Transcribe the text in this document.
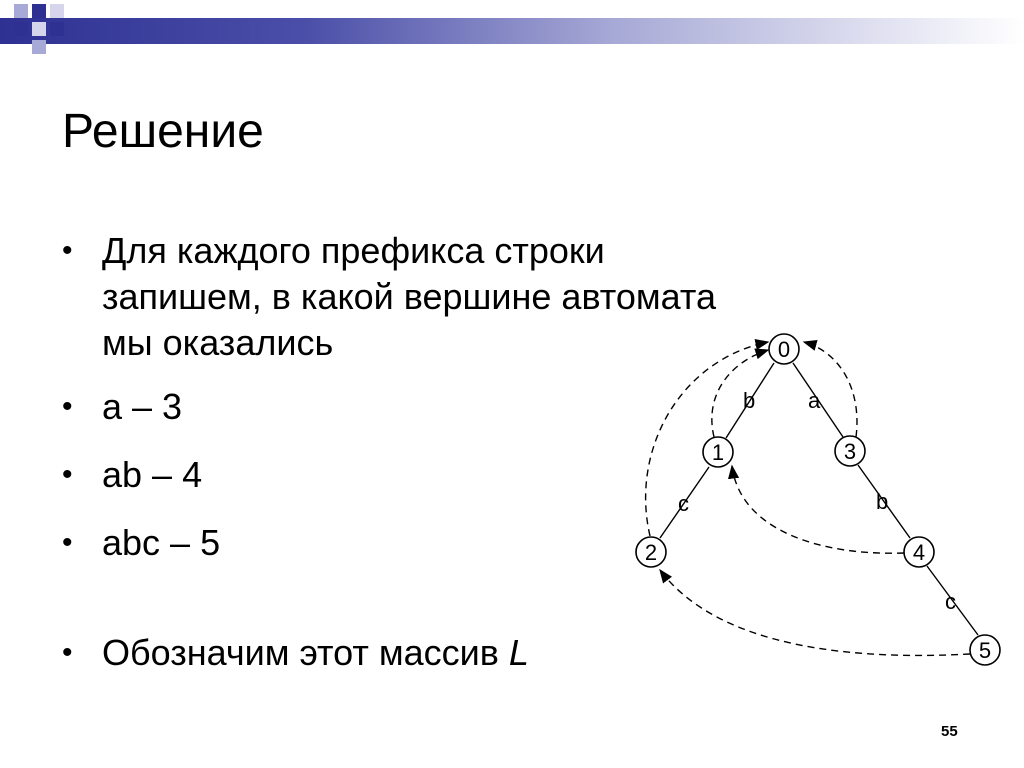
Решение
• Для каждого префикса строки запишем, в какой вершине автомата мы оказались
• a – 3
• ab – 4
• abc – 5
• Обозначим этот массив L
b a
c	b
c
0
1
2
3
4
5
55
